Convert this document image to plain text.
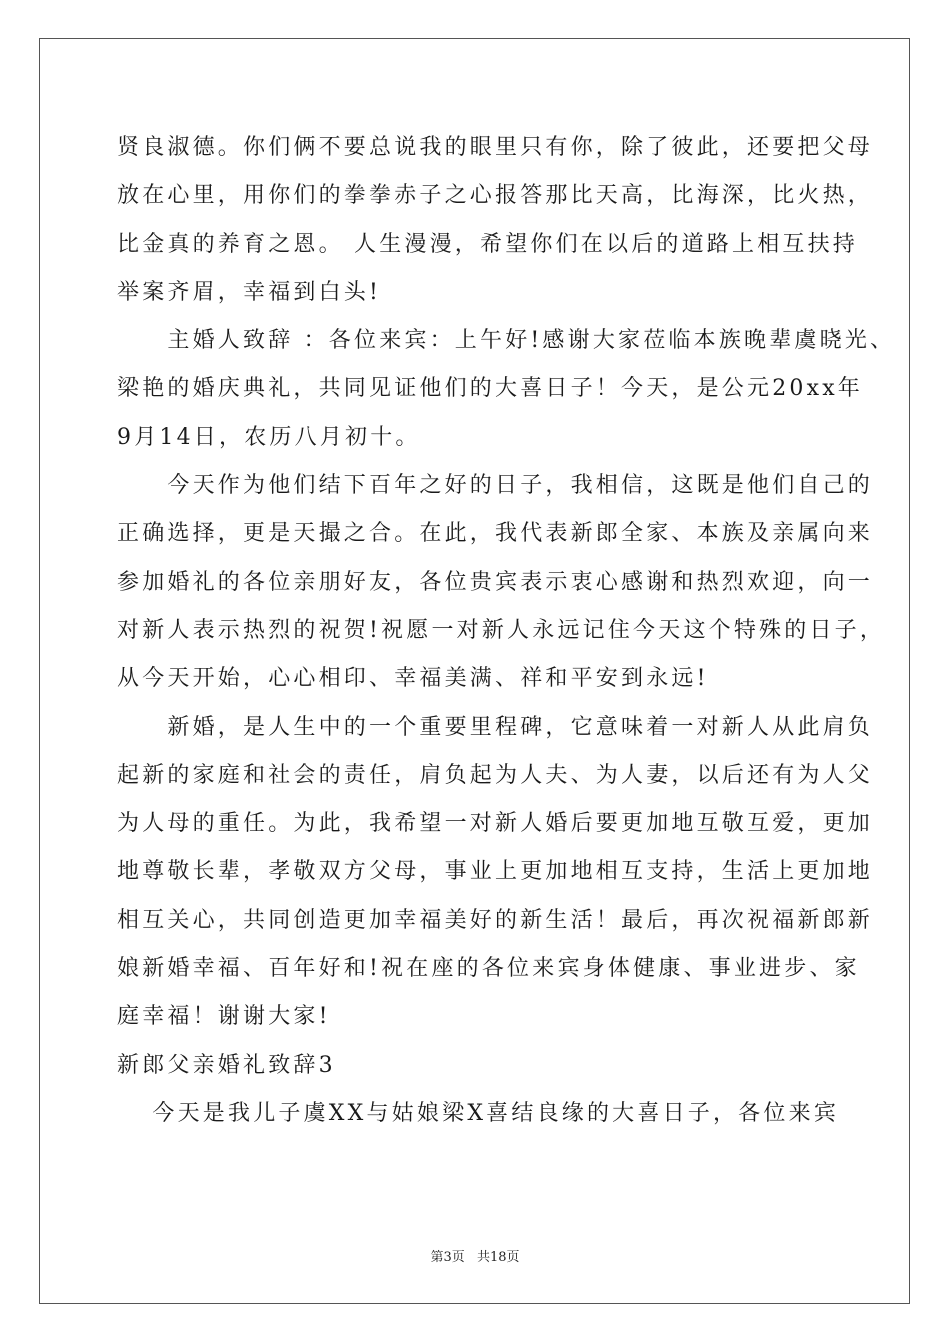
贤良淑德。你们俩不要总说我的眼里只有你，除了彼此，还要把父母
放在心里，用你们的拳拳赤子之心报答那比天高，比海深，比火热，
比金真的养育之恩。 人生漫漫，希望你们在以后的道路上相互扶持
举案齐眉，幸福到白头!
　　主婚人致辞 ：各位来宾：上午好!感谢大家莅临本族晚辈虞晓光、
梁艳的婚庆典礼，共同见证他们的大喜日子！今天，是公元20xx年
9月14日，农历八月初十。
　　今天作为他们结下百年之好的日子，我相信，这既是他们自己的
正确选择，更是天撮之合。在此，我代表新郎全家、本族及亲属向来
参加婚礼的各位亲朋好友，各位贵宾表示衷心感谢和热烈欢迎，向一
对新人表示热烈的祝贺!祝愿一对新人永远记住今天这个特殊的日子，
从今天开始，心心相印、幸福美满、祥和平安到永远!
　　新婚，是人生中的一个重要里程碑，它意味着一对新人从此肩负
起新的家庭和社会的责任，肩负起为人夫、为人妻，以后还有为人父
为人母的重任。为此，我希望一对新人婚后要更加地互敬互爱，更加
地尊敬长辈，孝敬双方父母，事业上更加地相互支持，生活上更加地
相互关心，共同创造更加幸福美好的新生活！最后，再次祝福新郎新
娘新婚幸福、百年好和!祝在座的各位来宾身体健康、事业进步、家
庭幸福！谢谢大家!
新郎父亲婚礼致辞3
　 今天是我儿子虞XX与姑娘梁X喜结良缘的大喜日子，各位来宾
第3页 共18页
